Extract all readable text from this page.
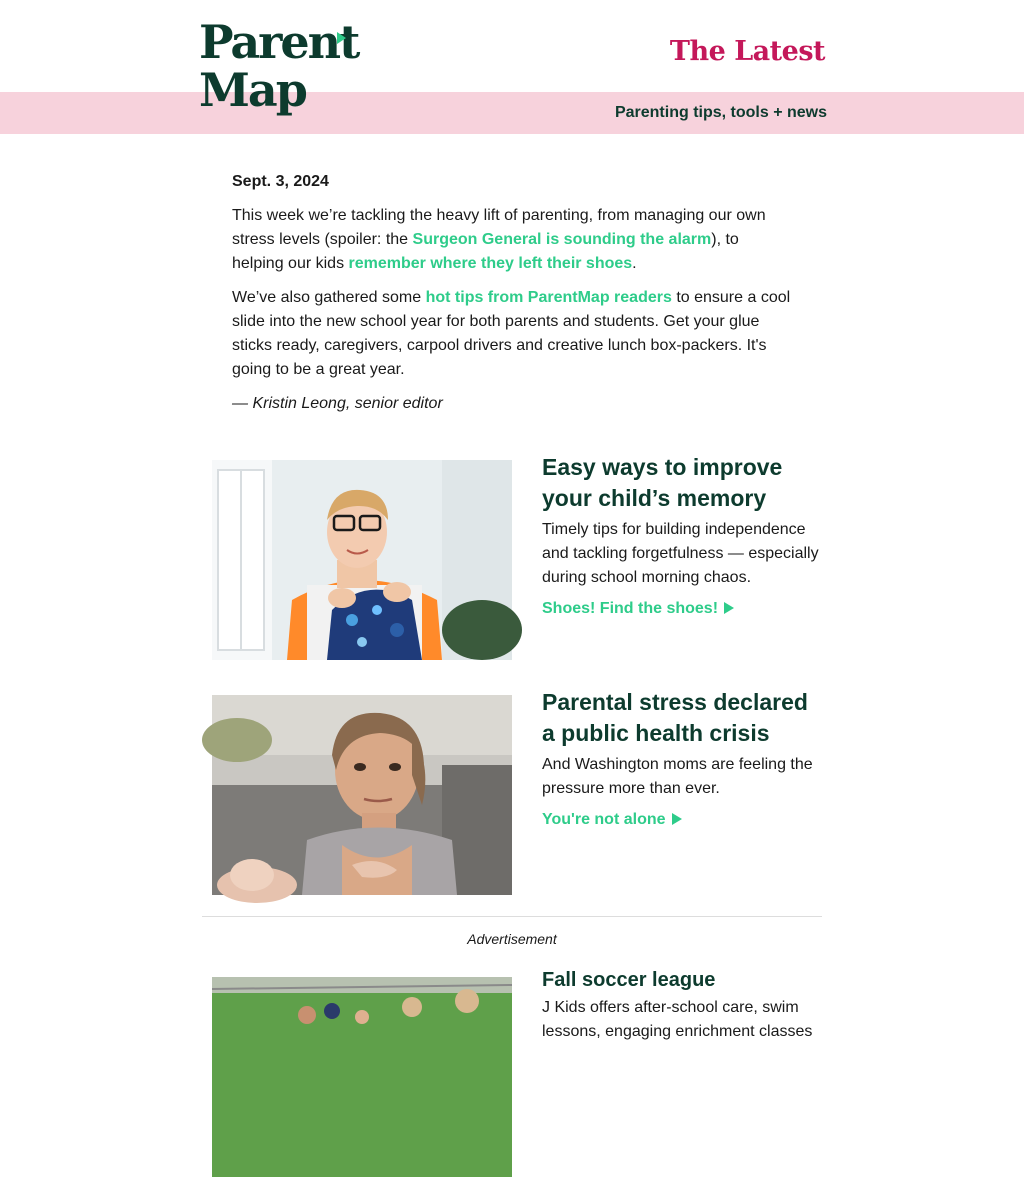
Parent
Map
The Latest
Parenting tips, tools + news
Sept. 3, 2024

This week we’re tackling the heavy lift of parenting, from managing our own stress levels (spoiler: the Surgeon General is sounding the alarm), to helping our kids remember where they left their shoes.

We’ve also gathered some hot tips from ParentMap readers to ensure a cool slide into the new school year for both parents and students. Get your glue sticks ready, caregivers, carpool drivers and creative lunch box-packers. It's going to be a great year.

— Kristin Leong, senior editor

Easy ways to improve your child’s memory
Timely tips for building independence and tackling forgetfulness — especially during school morning chaos.
Shoes! Find the shoes!
Parental stress declared a public health crisis
And Washington moms are feeling the pressure more than ever.
You're not alone
Advertisement
Fall soccer league
J Kids offers after-school care, swim lessons, engaging enrichment classes
